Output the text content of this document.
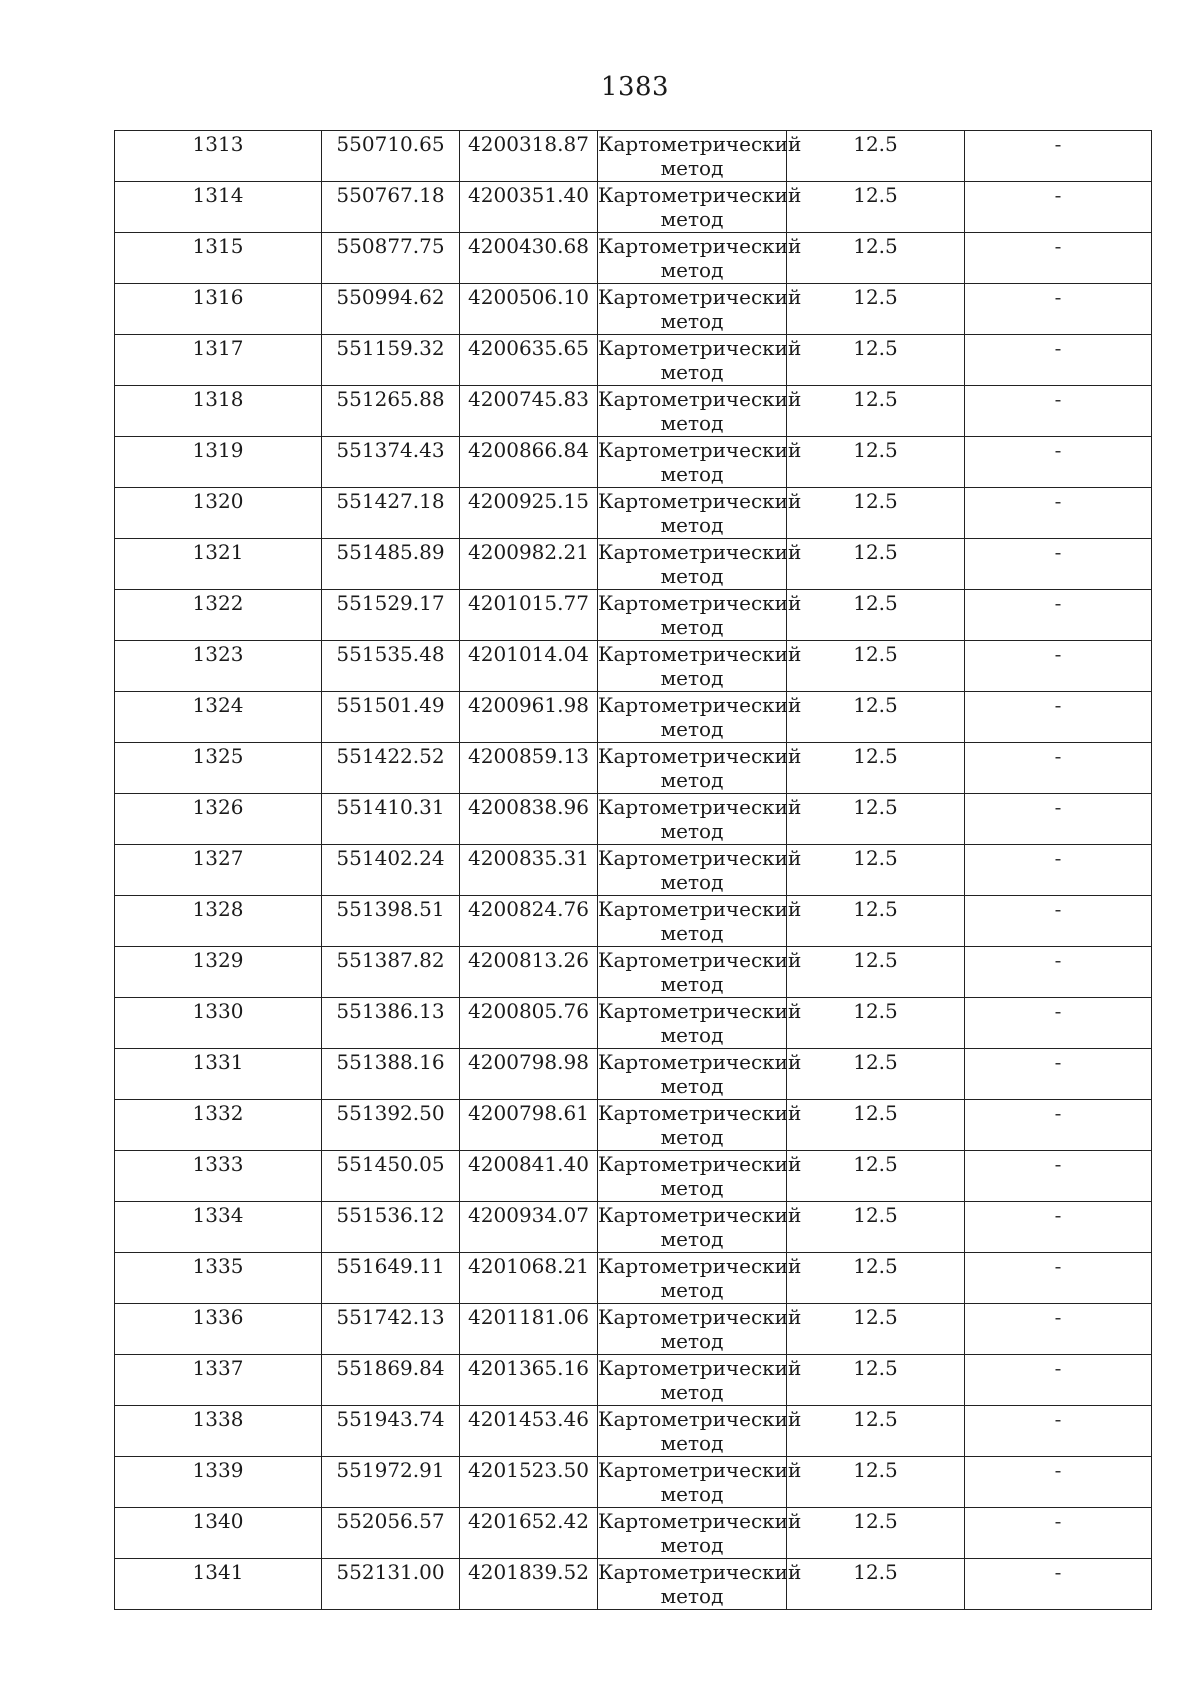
1383
1313	550710.65	4200318.87	Картометрический
метод	12.5	-

1314	550767.18	4200351.40	Картометрический
метод	12.5	-

1315	550877.75	4200430.68	Картометрический
метод	12.5	-

1316	550994.62	4200506.10	Картометрический
метод	12.5	-

1317	551159.32	4200635.65	Картометрический
метод	12.5	-

1318	551265.88	4200745.83	Картометрический
метод	12.5	-

1319	551374.43	4200866.84	Картометрический
метод	12.5	-

1320	551427.18	4200925.15	Картометрический
метод	12.5	-

1321	551485.89	4200982.21	Картометрический
метод	12.5	-

1322	551529.17	4201015.77	Картометрический
метод	12.5	-

1323	551535.48	4201014.04	Картометрический
метод	12.5	-

1324	551501.49	4200961.98	Картометрический
метод	12.5	-

1325	551422.52	4200859.13	Картометрический
метод	12.5	-

1326	551410.31	4200838.96	Картометрический
метод	12.5	-

1327	551402.24	4200835.31	Картометрический
метод	12.5	-

1328	551398.51	4200824.76	Картометрический
метод	12.5	-

1329	551387.82	4200813.26	Картометрический
метод	12.5	-

1330	551386.13	4200805.76	Картометрический
метод	12.5	-

1331	551388.16	4200798.98	Картометрический
метод	12.5	-

1332	551392.50	4200798.61	Картометрический
метод	12.5	-

1333	551450.05	4200841.40	Картометрический
метод	12.5	-

1334	551536.12	4200934.07	Картометрический
метод	12.5	-

1335	551649.11	4201068.21	Картометрический
метод	12.5	-

1336	551742.13	4201181.06	Картометрический
метод	12.5	-

1337	551869.84	4201365.16	Картометрический
метод	12.5	-

1338	551943.74	4201453.46	Картометрический
метод	12.5	-

1339	551972.91	4201523.50	Картометрический
метод	12.5	-

1340	552056.57	4201652.42	Картометрический
метод	12.5	-

1341	552131.00	4201839.52	Картометрический
метод	12.5	-
